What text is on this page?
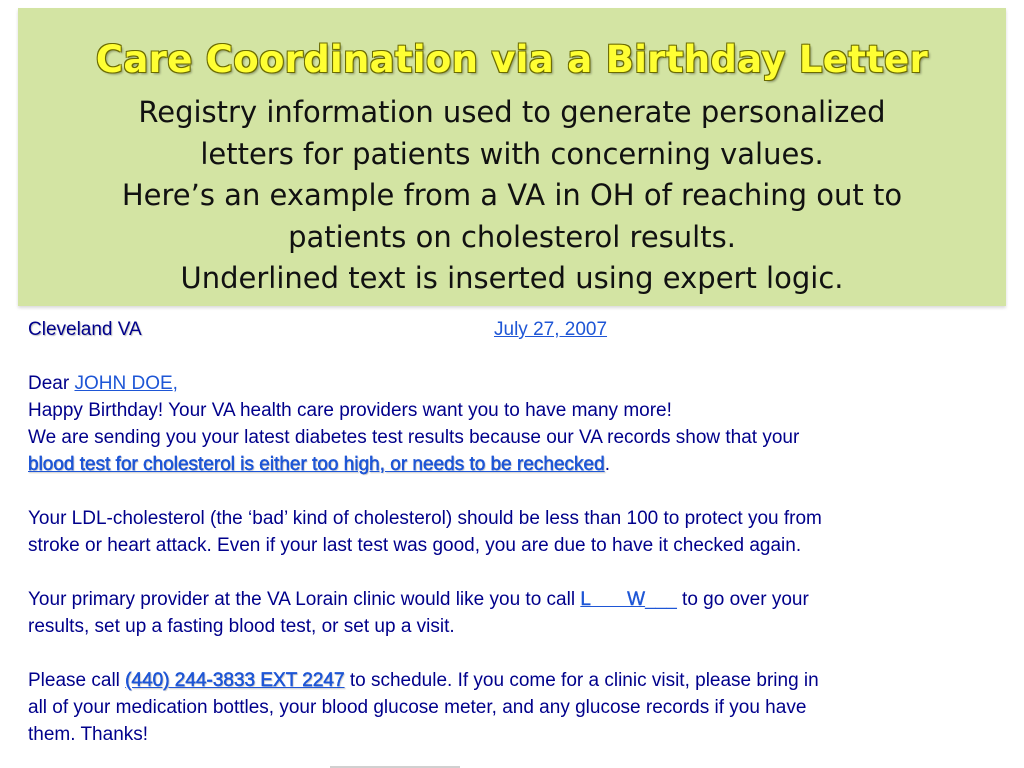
Care Coordination via a Birthday Letter
Registry information used to generate personalized
letters for patients with concerning values.
Here’s an example from a VA in OH of reaching out to
patients on cholesterol results.
Underlined text is inserted using expert logic.
Cleveland VA	July 27, 2007
Dear JOHN DOE,
Happy Birthday! Your VA health care providers want you to have many more!
We are sending you your latest diabetes test results because our VA records show that your
blood test for cholesterol is either too high, or needs to be rechecked.
Your LDL-cholesterol (the ‘bad’ kind of cholesterol) should be less than 100 to protect you from
stroke or heart attack. Even if your last test was good, you are due to have it checked again.
Your primary provider at the VA Lorain clinic would like you to call L       W___ to go over your
results, set up a fasting blood test, or set up a visit.
Please call (440) 244-3833 EXT 2247 to schedule. If you come for a clinic visit, please bring in
all of your medication bottles, your blood glucose meter, and any glucose records if you have
them. Thanks!
